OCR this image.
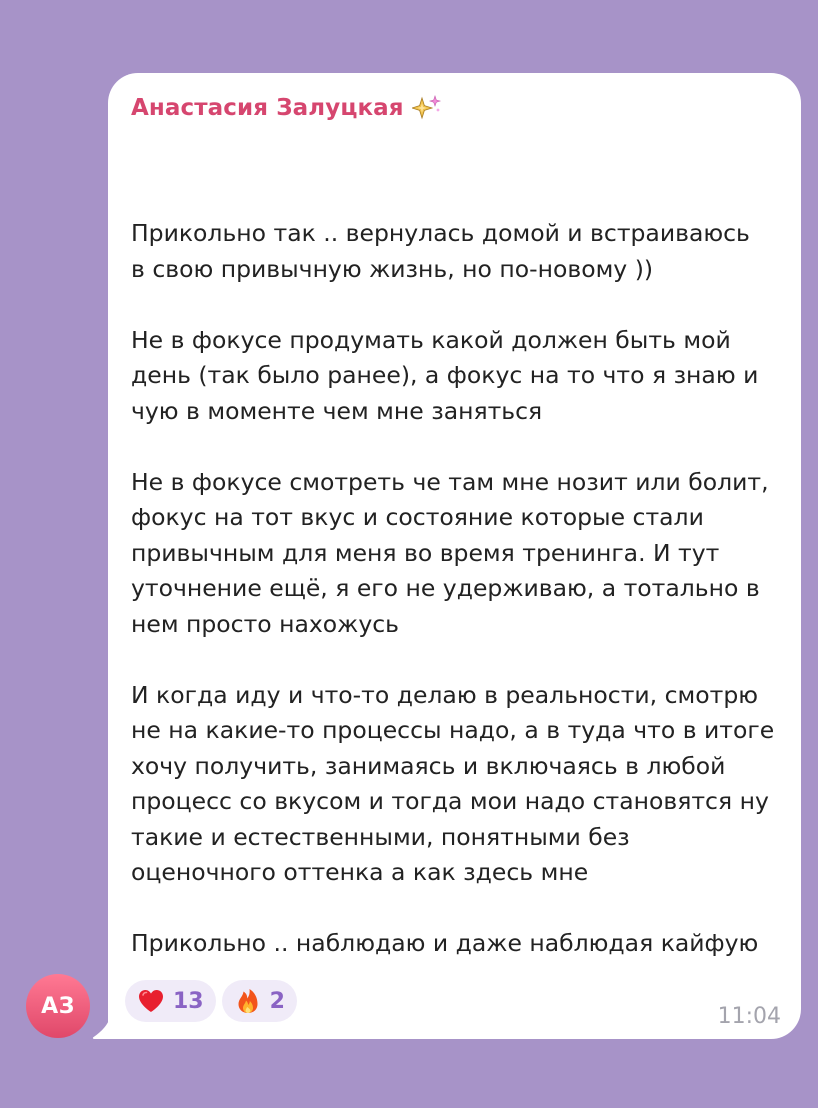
Анастасия Залуцкая

Прикольно так .. вернулась домой и встраиваюсь
в свою привычную жизнь, но по-новому ))

Не в фокусе продумать какой должен быть мой
день (так было ранее), а фокус на то что я знаю и
чую в моменте чем мне заняться

Не в фокусе смотреть че там мне нозит или болит,
фокус на тот вкус и состояние которые стали
привычным для меня во время тренинга. И тут
уточнение ещё, я его не удерживаю, а тотально в
нем просто нахожусь

И когда иду и что-то делаю в реальности, смотрю
не на какие-то процессы надо, а в туда что в итоге
хочу получить, занимаясь и включаясь в любой
процесс со вкусом и тогда мои надо становятся ну
такие и естественными, понятными без
оценочного оттенка а как здесь мне

Прикольно .. наблюдаю и даже наблюдая кайфую

13	2
11:04
АЗ
